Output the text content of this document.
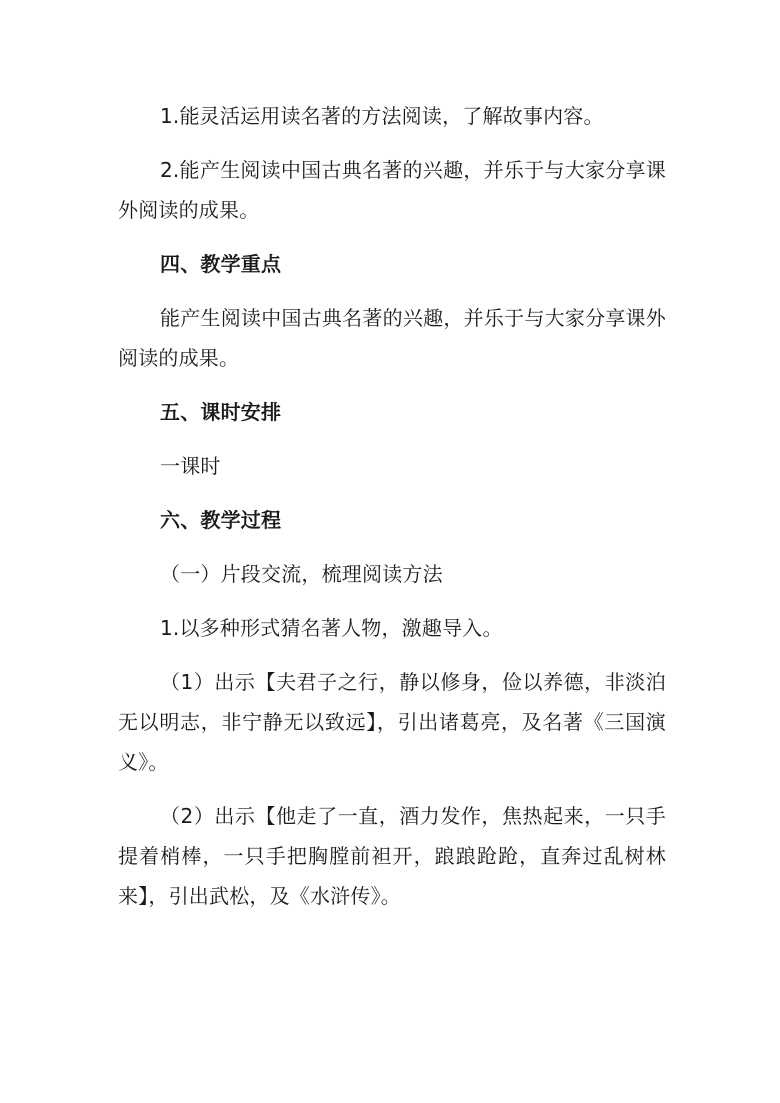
1.能灵活运用读名著的方法阅读，了解故事内容。

2.能产生阅读中国古典名著的兴趣，并乐于与大家分享课外阅读的成果。

四、教学重点

能产生阅读中国古典名著的兴趣，并乐于与大家分享课外阅读的成果。

五、课时安排

一课时

六、教学过程

（一）片段交流，梳理阅读方法

1.以多种形式猜名著人物，激趣导入。

（1）出示【夫君子之行，静以修身，俭以养德，非淡泊无以明志，非宁静无以致远】，引出诸葛亮，及名著《三国演义》。

（2）出示【他走了一直，酒力发作，焦热起来，一只手提着梢棒，一只手把胸膛前袒开，踉踉跄跄，直奔过乱树林来】，引出武松，及《水浒传》。
